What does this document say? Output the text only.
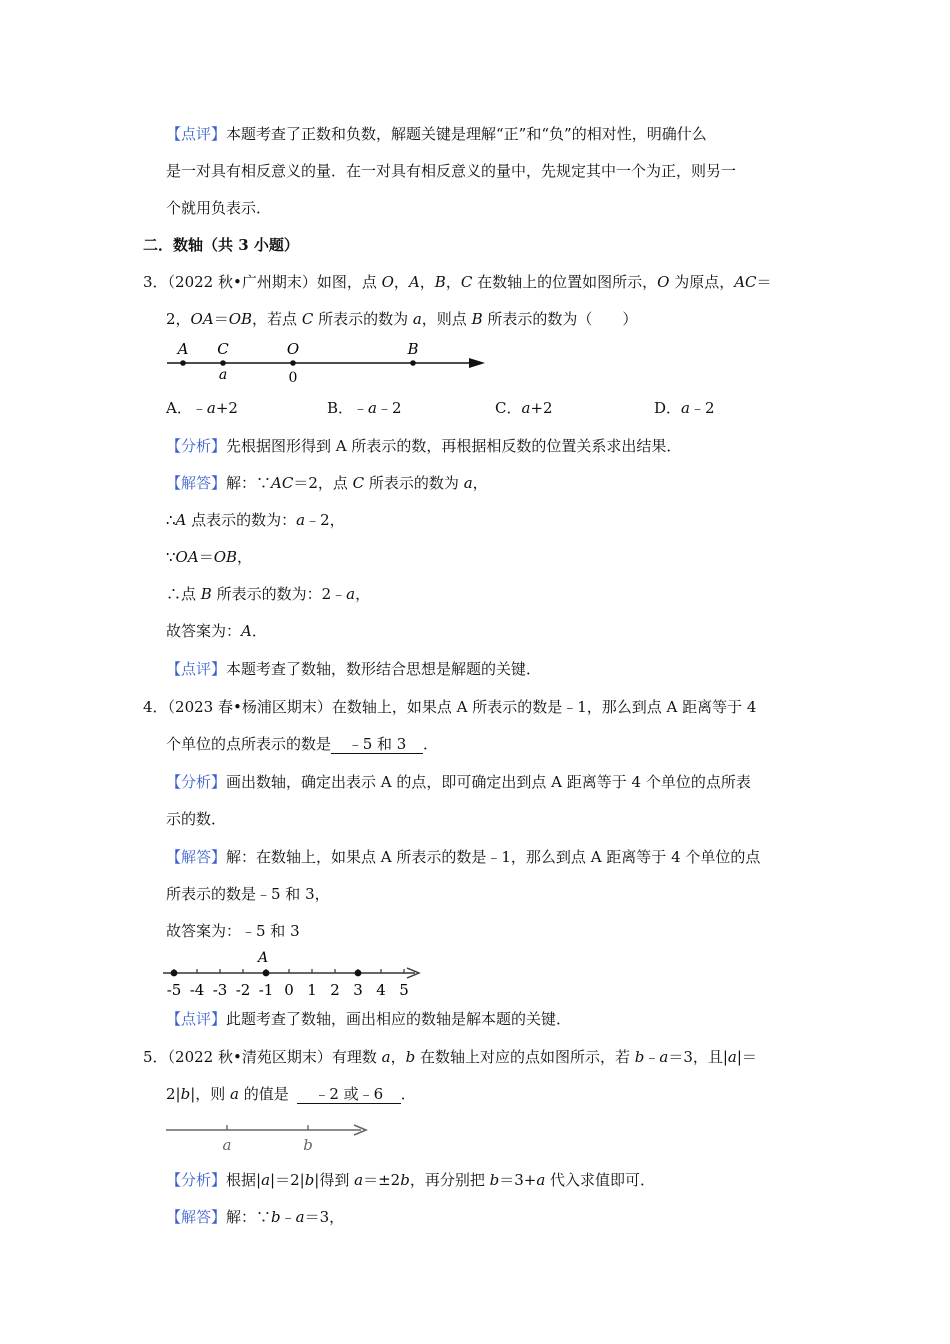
【点评】本题考查了正数和负数，解题关键是理解“正”和“负”的相对性，明确什么
是一对具有相反意义的量．在一对具有相反意义的量中，先规定其中一个为正，则另一
个就用负表示．
二．数轴（共 3 小题）
3．（2022 秋•广州期末）如图，点 O，A，B，C 在数轴上的位置如图所示，O 为原点，AC＝
2，OA＝OB，若点 C 所表示的数为 a，则点 B 所表示的数为（　　）
A C	O	B
a	0
A．﹣a+2	B．﹣a﹣2	C．a+2	D．a﹣2
【分析】先根据图形得到 A 所表示的数，再根据相反数的位置关系求出结果．
【解答】解：∵AC＝2，点 C 所表示的数为 a，
∴A 点表示的数为：a﹣2，
∵OA＝OB，
∴点 B 所表示的数为：2﹣a，
故答案为：A．
【点评】本题考查了数轴，数形结合思想是解题的关键．
4．（2023 春•杨浦区期末）在数轴上，如果点 A 所表示的数是﹣1，那么到点 A 距离等于 4
个单位的点所表示的数是 ﹣5 和 3 ．
【分析】画出数轴，确定出表示 A 的点，即可确定出到点 A 距离等于 4 个单位的点所表
示的数．
【解答】解：在数轴上，如果点 A 所表示的数是﹣1，那么到点 A 距离等于 4 个单位的点
所表示的数是﹣5 和 3，
故答案为：﹣5 和 3
-5 -4 -3 -2 -1 0 1 2 3 4 5
A
【点评】此题考查了数轴，画出相应的数轴是解本题的关键．
5．（2022 秋•清苑区期末）有理数 a，b 在数轴上对应的点如图所示，若 b﹣a＝3，且|a|＝
2|b|，则 a 的值是 ﹣2 或﹣6 ．
a	b
【分析】根据|a|＝2|b|得到 a＝±2b，再分别把 b＝3+a 代入求值即可．
【解答】解：∵b﹣a＝3，
